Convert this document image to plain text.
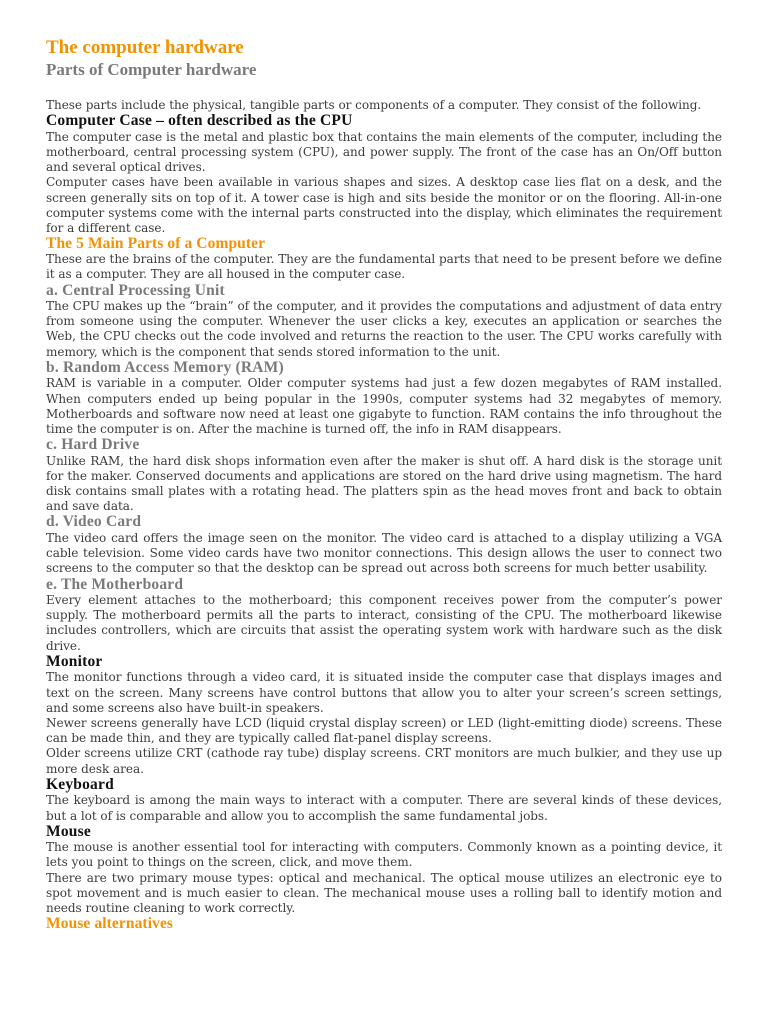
The computer hardware
Parts of Computer hardware

These parts include the physical, tangible parts or components of a computer. They consist of the following.

Computer Case – often described as the CPU

The computer case is the metal and plastic box that contains the main elements of the computer, including the motherboard, central processing system (CPU), and power supply. The front of the case has an On/Off button and several optical drives.

Computer cases have been available in various shapes and sizes. A desktop case lies flat on a desk, and the screen generally sits on top of it. A tower case is high and sits beside the monitor or on the flooring. All-in-one computer systems come with the internal parts constructed into the display, which eliminates the requirement for a different case.

The 5 Main Parts of a Computer

These are the brains of the computer. They are the fundamental parts that need to be present before we define it as a computer. They are all housed in the computer case.

a. Central Processing Unit

The CPU makes up the “brain” of the computer, and it provides the computations and adjustment of data entry from someone using the computer. Whenever the user clicks a key, executes an application or searches the Web, the CPU checks out the code involved and returns the reaction to the user. The CPU works carefully with memory, which is the component that sends stored information to the unit.

b. Random Access Memory (RAM)

RAM is variable in a computer. Older computer systems had just a few dozen megabytes of RAM installed. When computers ended up being popular in the 1990s, computer systems had 32 megabytes of memory. Motherboards and software now need at least one gigabyte to function. RAM contains the info throughout the time the computer is on. After the machine is turned off, the info in RAM disappears.

c. Hard Drive

Unlike RAM, the hard disk shops information even after the maker is shut off. A hard disk is the storage unit for the maker. Conserved documents and applications are stored on the hard drive using magnetism. The hard disk contains small plates with a rotating head. The platters spin as the head moves front and back to obtain and save data.

d. Video Card

The video card offers the image seen on the monitor. The video card is attached to a display utilizing a VGA cable television. Some video cards have two monitor connections. This design allows the user to connect two screens to the computer so that the desktop can be spread out across both screens for much better usability.

e. The Motherboard

Every element attaches to the motherboard; this component receives power from the computer’s power supply. The motherboard permits all the parts to interact, consisting of the CPU. The motherboard likewise includes controllers, which are circuits that assist the operating system work with hardware such as the disk drive.

Monitor

The monitor functions through a video card, it is situated inside the computer case that displays images and text on the screen. Many screens have control buttons that allow you to alter your screen’s screen settings, and some screens also have built-in speakers.

Newer screens generally have LCD (liquid crystal display screen) or LED (light-emitting diode) screens. These can be made thin, and they are typically called flat-panel display screens.

Older screens utilize CRT (cathode ray tube) display screens. CRT monitors are much bulkier, and they use up more desk area.

Keyboard

The keyboard is among the main ways to interact with a computer. There are several kinds of these devices, but a lot of is comparable and allow you to accomplish the same fundamental jobs.

Mouse

The mouse is another essential tool for interacting with computers. Commonly known as a pointing device, it lets you point to things on the screen, click, and move them.

There are two primary mouse types: optical and mechanical. The optical mouse utilizes an electronic eye to spot movement and is much easier to clean. The mechanical mouse uses a rolling ball to identify motion and needs routine cleaning to work correctly.

Mouse alternatives
